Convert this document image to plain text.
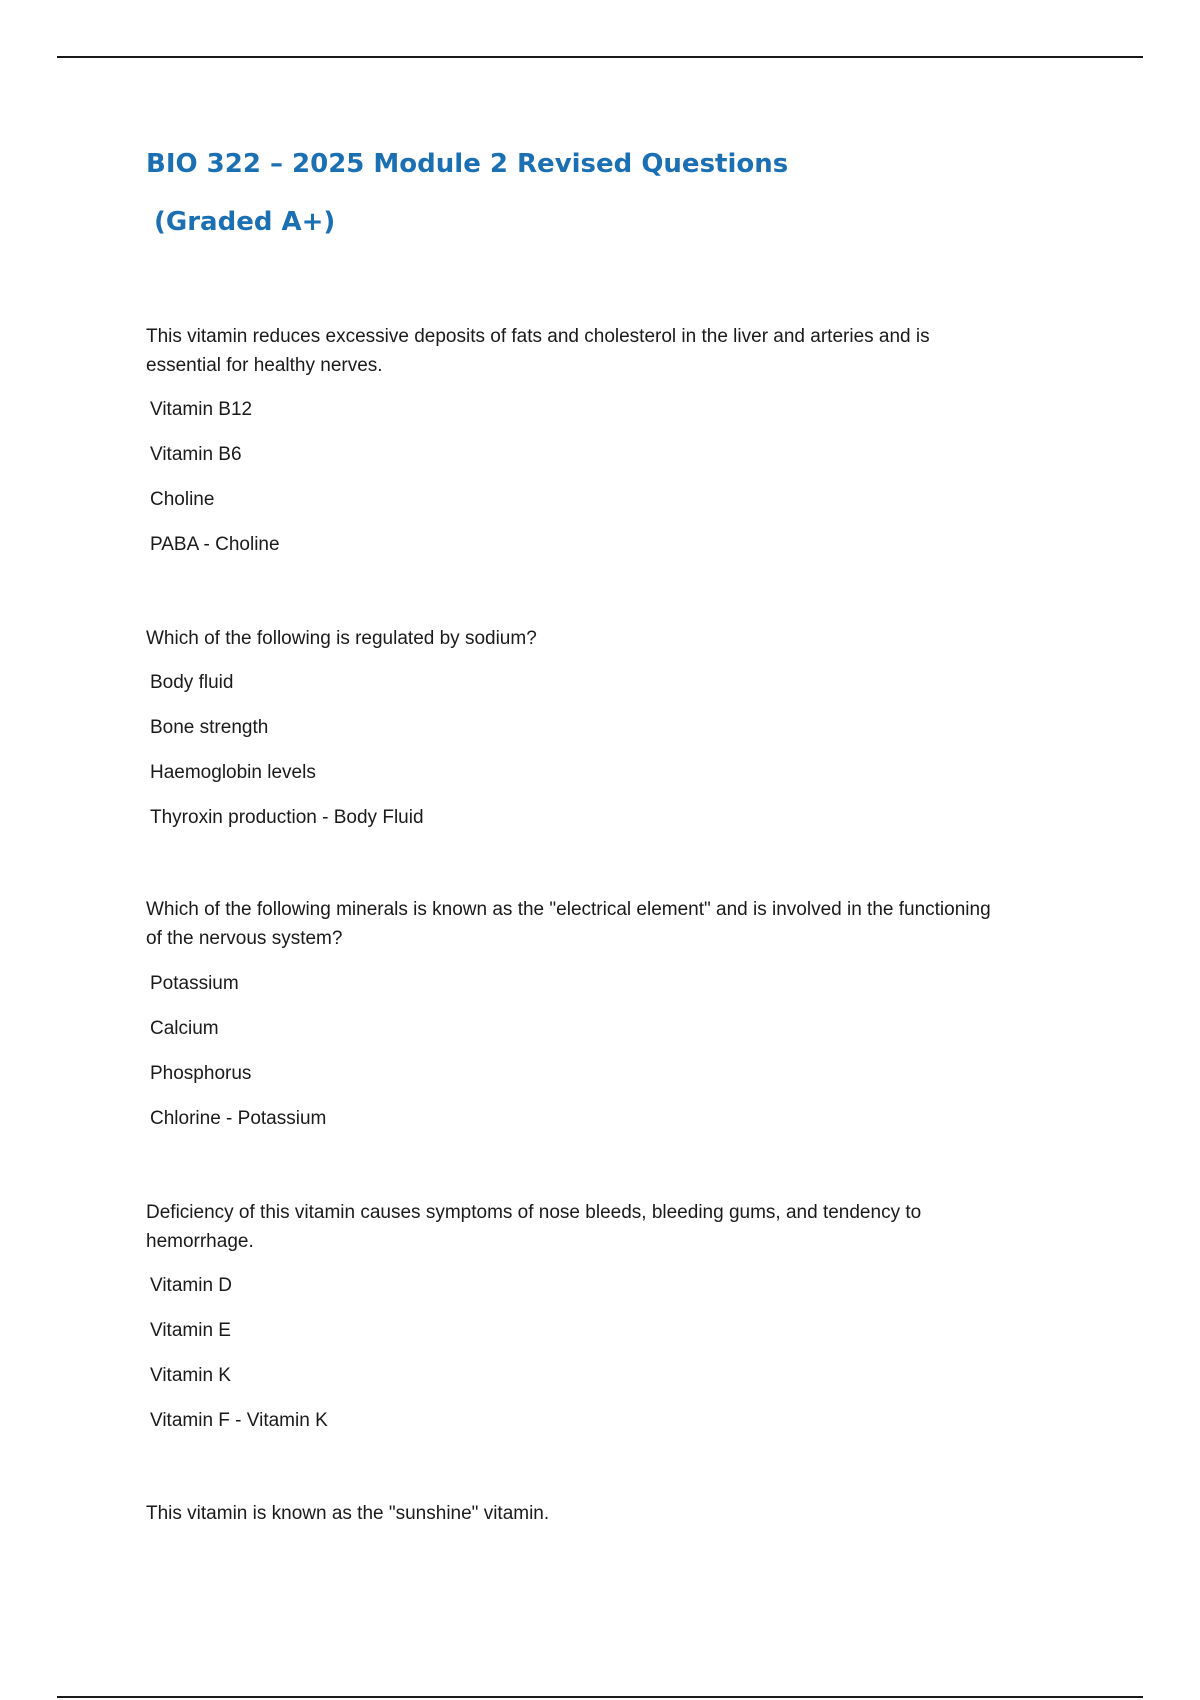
BIO 322 – 2025 Module 2 Revised Questions
(Graded A+)

This vitamin reduces excessive deposits of fats and cholesterol in the liver and arteries and is essential for healthy nerves.

Vitamin B12
Vitamin B6
Choline
PABA - Choline

Which of the following is regulated by sodium?

Body fluid
Bone strength
Haemoglobin levels
Thyroxin production - Body Fluid

Which of the following minerals is known as the "electrical element" and is involved in the functioning of the nervous system?

Potassium
Calcium
Phosphorus
Chlorine - Potassium

Deficiency of this vitamin causes symptoms of nose bleeds, bleeding gums, and tendency to hemorrhage.

Vitamin D
Vitamin E
Vitamin K
Vitamin F - Vitamin K

This vitamin is known as the "sunshine" vitamin.
